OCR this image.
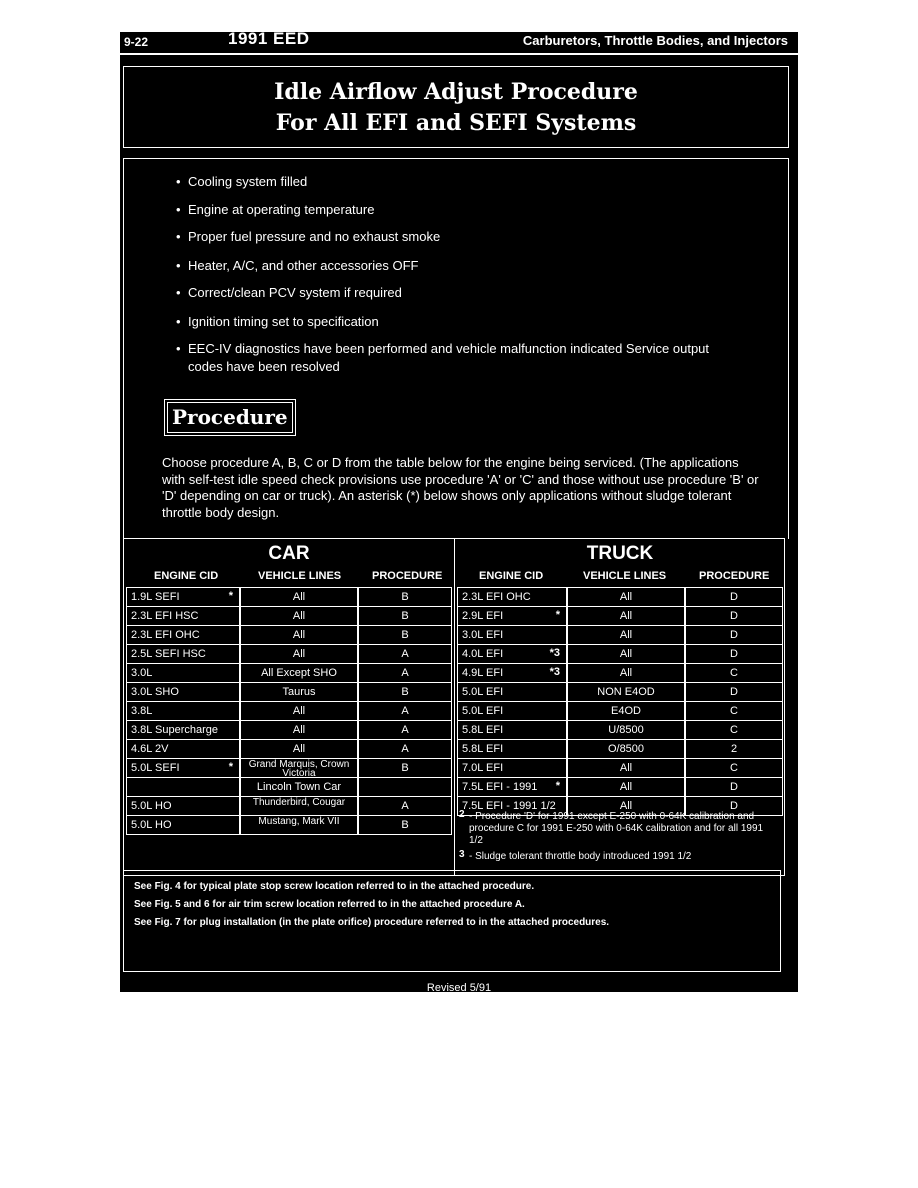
9-22	1991 EED	Carburetors, Throttle Bodies, and Injectors
Idle Airflow Adjust Procedure
For All EFI and SEFI Systems
• Cooling system filled
• Engine at operating temperature
• Proper fuel pressure and no exhaust smoke
• Heater, A/C, and other accessories OFF
• Correct/clean PCV system if required
• Ignition timing set to specification
• EEC-IV diagnostics have been performed and vehicle malfunction indicated Service output codes have been resolved
Procedure
Choose procedure A, B, C or D from the table below for the engine being serviced. (The applications with self-test idle speed check provisions use procedure 'A' or 'C' and those without use procedure 'B' or 'D' depending on car or truck). An asterisk (*) below shows only applications without sludge tolerant throttle body design.
CAR
ENGINE CID	VEHICLE LINES	PROCEDURE
1.9L SEFI	*	All	B
2.3L EFI HSC	All	B
2.3L EFI OHC	All	B
2.5L SEFI HSC	All	A
3.0L	All Except SHO	A
3.0L SHO	Taurus	B
3.8L	All	A
3.8L Supercharge	All	A
4.6L 2V	All	A
5.0L SEFI	*	Grand Marquis, Crown Victoria	B
Lincoln Town Car
5.0L HO	Thunderbird, Cougar	A
5.0L HO	Mustang, Mark VII	B
TRUCK
ENGINE CID	VEHICLE LINES	PROCEDURE
2 - Procedure 'D' for 1991 except E-250 with 0-64K calibration and procedure C for 1991 E-250 with 0-64K calibration and for all 1991 1/2
3 - Sludge tolerant throttle body introduced 1991 1/2
2.3L EFI OHC	All	D
2.9L EFI	*	All	D
3.0L EFI	All	D
4.0L EFI	*3	All	D
4.9L EFI	*3	All	C
5.0L EFI	NON E4OD	D
5.0L EFI	E4OD	C
5.8L EFI	U/8500	C
5.8L EFI	O/8500	2
7.0L EFI	All	C
7.5L EFI - 1991	*	All	D
7.5L EFI - 1991 1/2	All	D
See Fig. 4 for typical plate stop screw location referred to in the attached procedure.
See Fig. 5 and 6 for air trim screw location referred to in the attached procedure A.
See Fig. 7 for plug installation (in the plate orifice) procedure referred to in the attached procedures.
Revised 5/91
